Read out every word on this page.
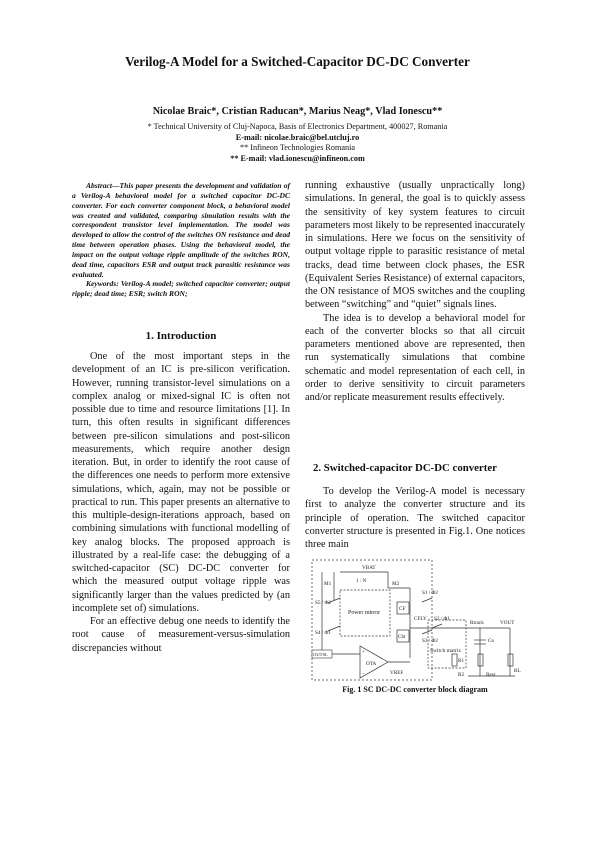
Verilog-A Model for a Switched-Capacitor DC-DC Converter
Nicolae Braic*, Cristian Raducan*, Marius Neag*, Vlad Ionescu**
* Technical University of Cluj-Napoca, Basis of Electronics Department, 400027, Romania
E-mail: nicolae.braic@bel.utcluj.ro
** Infineon Technologies Romania
** E-mail: vlad.ionescu@infineon.com

Abstract—This paper presents the development and validation of a Verilog-A behavioral model for a switched capacitor DC-DC converter. For each converter component block, a behavioral model was created and validated, comparing simulation results with the correspondent transistor level implementation. The model was developed to allow the control of the switches ON resistance and dead time between operation phases. Using the behavioral model, the impact on the output voltage ripple amplitude of the switches RON, dead time, capacitors ESR and output track parasitic resistance was evaluated.

Keywords: Verilog-A model; switched capacitor converter; output ripple; dead time; ESR; switch RON;

1. Introduction

One of the most important steps in the development of an IC is pre-silicon verification. However, running transistor-level simulations on a complex analog or mixed-signal IC is often not possible due to time and resource limitations [1]. In turn, this often results in significant differences between pre-silicon simulations and post-silicon measurements, which require another design iteration. But, in order to identify the root cause of the differences one needs to perform more extensive simulations, which, again, may not be possible or practical to run. This paper presents an alternative to this multiple-design-iterations approach, based on combining simulations with functional modelling of key analog blocks. The proposed approach is illustrated by a real-life case: the debugging of a switched-capacitor (SC) DC-DC converter for which the measured output voltage ripple was significantly larger than the values predicted by (an incomplete set of) simulations.

For an effective debug one needs to identify the root cause of measurement-versus-simulation discrepancies without

running exhaustive (usually unpractically long) simulations. In general, the goal is to quickly assess the sensitivity of key system features to circuit parameters most likely to be represented inaccurately in simulations. Here we focus on the sensitivity of output voltage ripple to parasitic resistance of metal tracks, dead time between clock phases, the ESR (Equivalent Series Resistance) of external capacitors, the ON resistance of MOS switches and the coupling between “switching” and “quiet” signals lines.

The idea is to develop a behavioral model for each of the converter blocks so that all circuit parameters mentioned above are represented, then run systematically simulations that combine schematic and model representation of each cell, in order to derive sensitivity to circuit parameters and/or replicate measurement results effectively.

2. Switched-capacitor DC-DC converter

To develop the Verilog-A model is necessary first to analyze the converter structure and its principle of operation. The switched capacitor converter structure is presented in Fig.1. One notices three main

VBAT
1 : N
M1	M2
S5 / Φ2
S4 / Φ1
Power mirror
CF
CFLY
Cbt
S1 / Φ2
S2 / Φ1
S3 / Φ2
Rtrack	VOUT
Co
Switch matrix
R1
R2	Resr
RL
OUTSL
OTA
+
−	VREF
Fig. 1 SC DC-DC converter block diagram
